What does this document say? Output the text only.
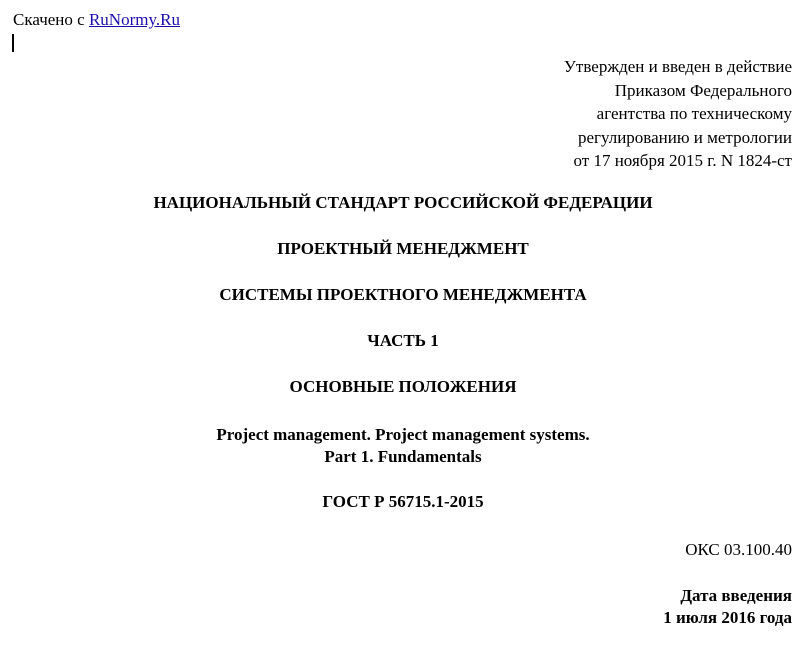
Скачено с RuNormy.Ru
Утвержден и введен в действие
Приказом Федерального
агентства по техническому
регулированию и метрологии
от 17 ноября 2015 г. N 1824-ст
НАЦИОНАЛЬНЫЙ СТАНДАРТ РОССИЙСКОЙ ФЕДЕРАЦИИ
ПРОЕКТНЫЙ МЕНЕДЖМЕНТ
СИСТЕМЫ ПРОЕКТНОГО МЕНЕДЖМЕНТА
ЧАСТЬ 1
ОСНОВНЫЕ ПОЛОЖЕНИЯ
Project management. Project management systems.
Part 1. Fundamentals
ГОСТ Р 56715.1-2015
ОКС 03.100.40
Дата введения
1 июля 2016 года
